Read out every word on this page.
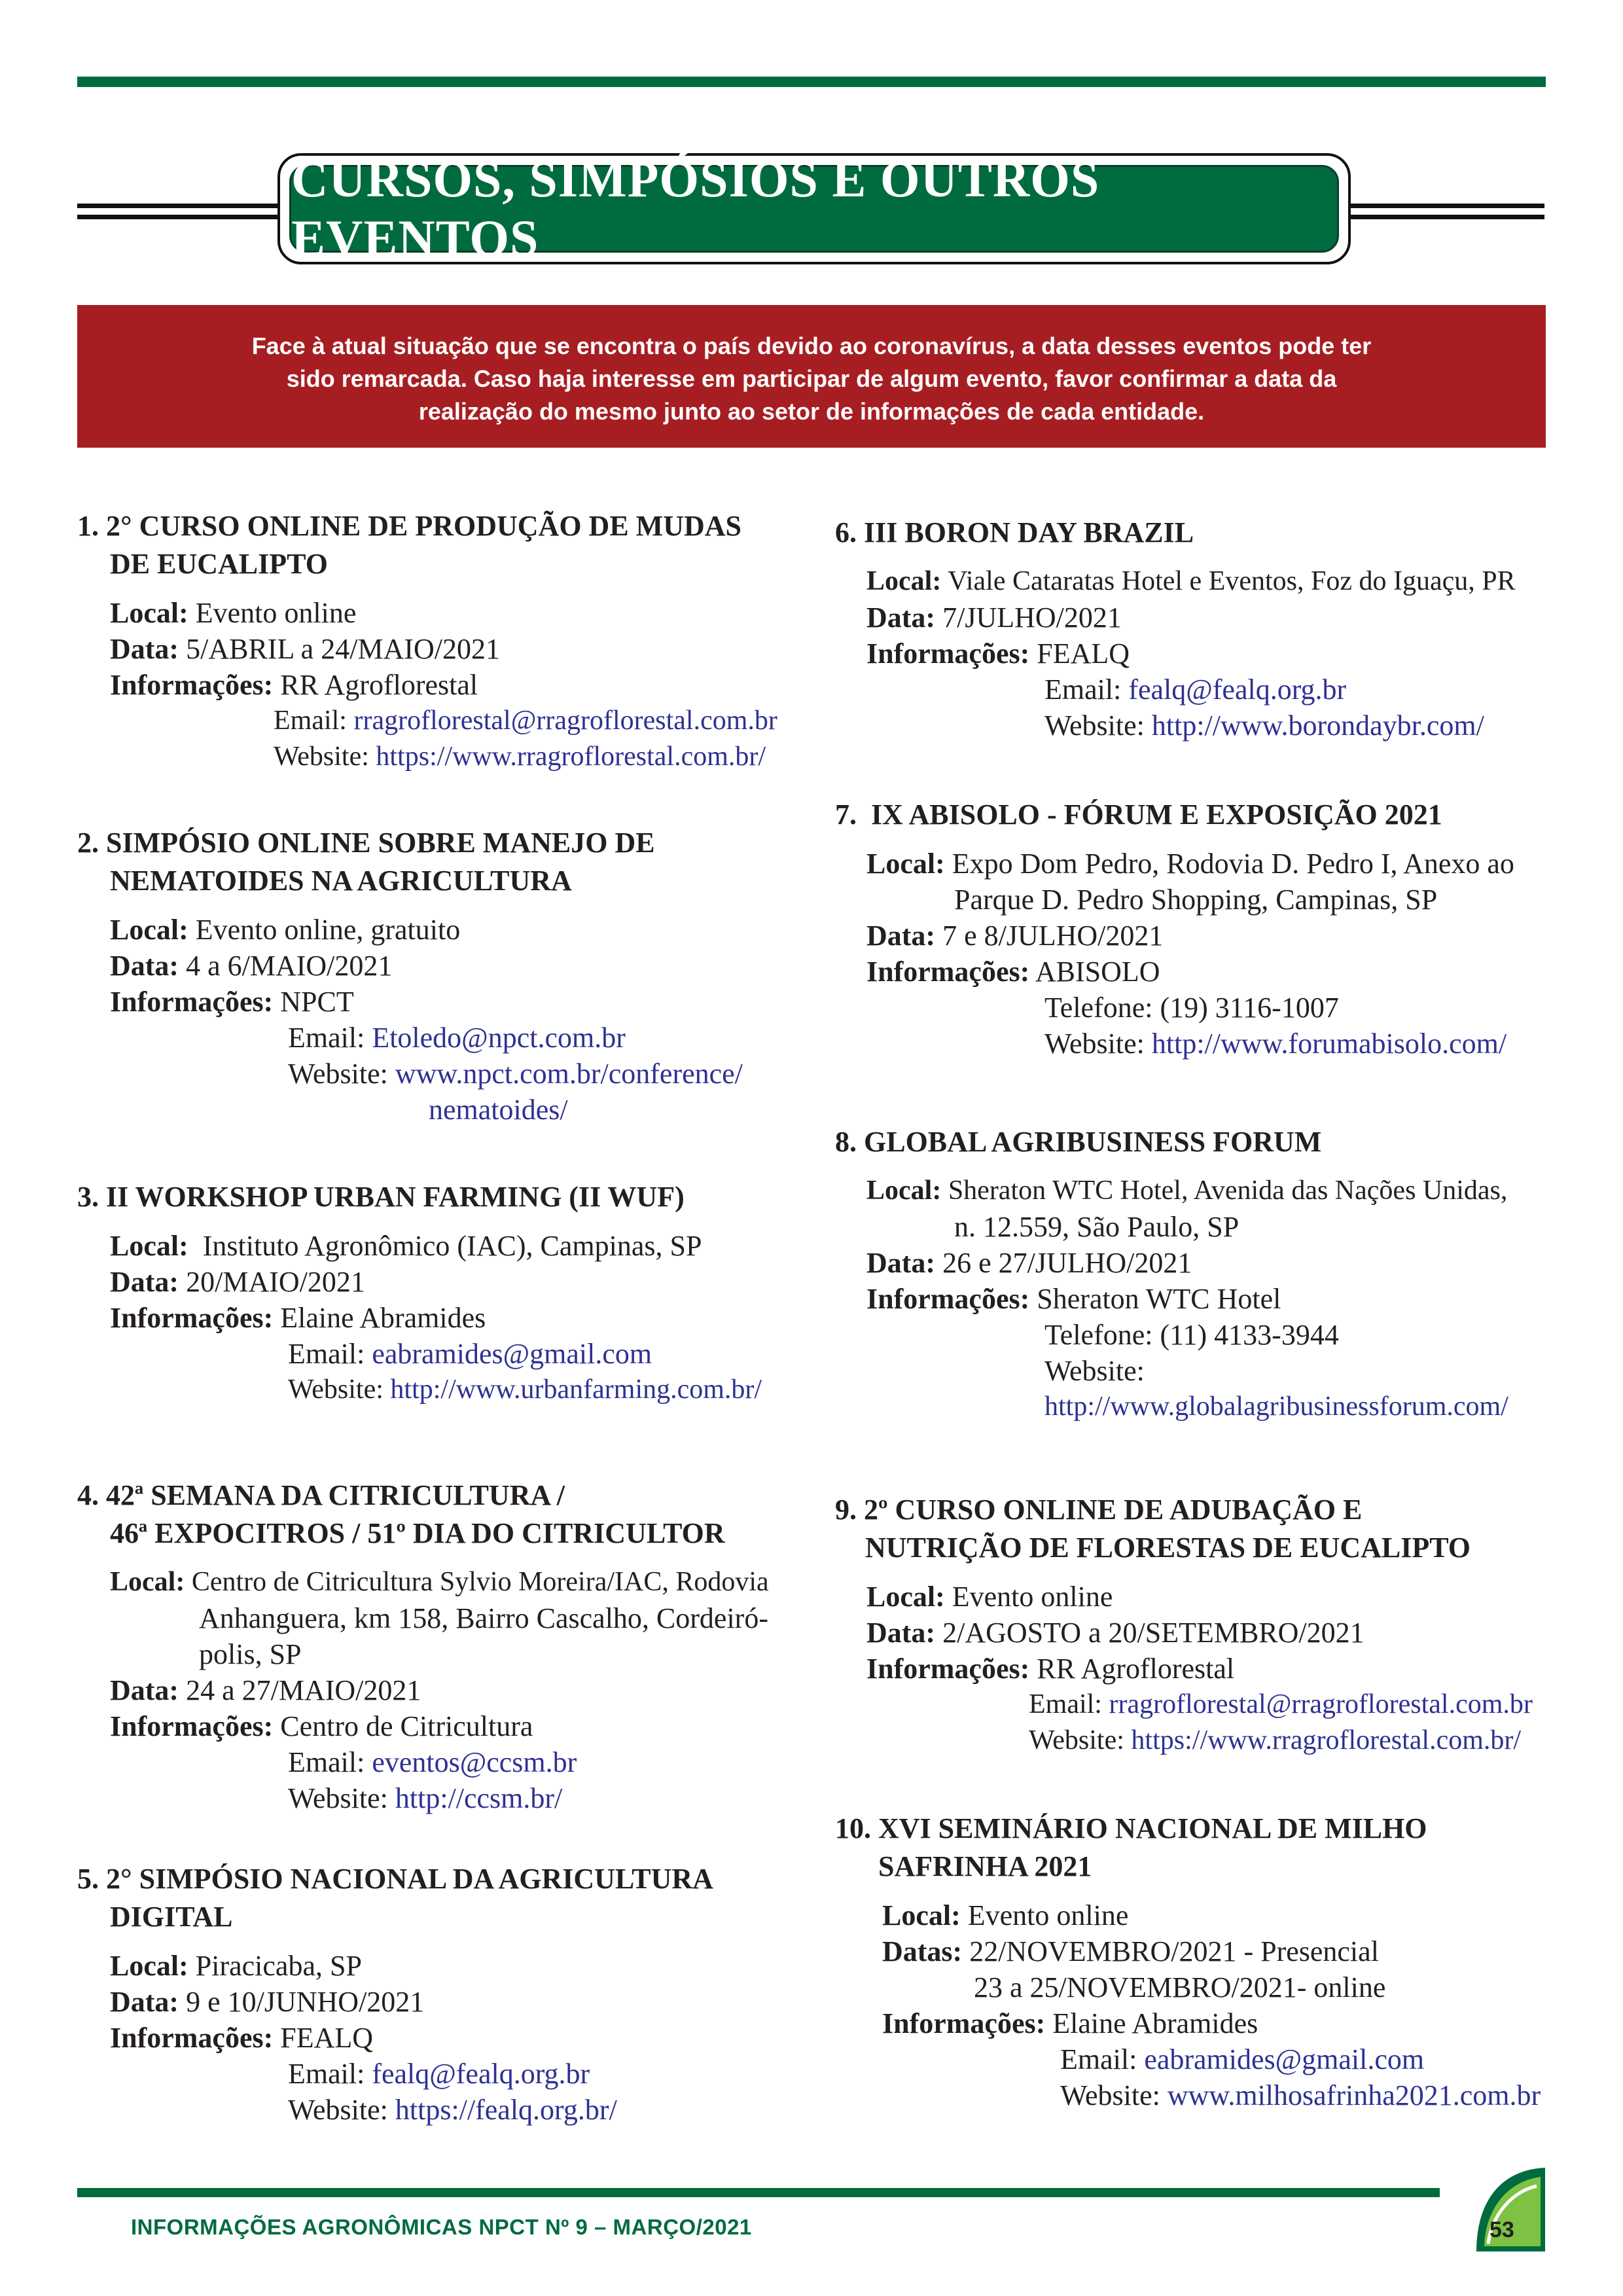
CURSOS, SIMPÓSIOS E OUTROS EVENTOS
Face à atual situação que se encontra o país devido ao coronavírus, a data desses eventos pode ter
sido remarcada. Caso haja interesse em participar de algum evento, favor confirmar a data da
realização do mesmo junto ao setor de informações de cada entidade.
1. 2° CURSO ONLINE DE PRODUÇÃO DE MUDAS
DE EUCALIPTO
Local: Evento online
Data: 5/ABRIL a 24/MAIO/2021
Informações: RR Agroflorestal
Email: rragroflorestal@rragroflorestal.com.br
Website: https://www.rragroflorestal.com.br/
2. SIMPÓSIO ONLINE SOBRE MANEJO DE
NEMATOIDES NA AGRICULTURA
Local: Evento online, gratuito
Data: 4 a 6/MAIO/2021
Informações: NPCT
Email: Etoledo@npct.com.br
Website: www.npct.com.br/conference/
nematoides/
3. II WORKSHOP URBAN FARMING (II WUF)
Local: Instituto Agronômico (IAC), Campinas, SP
Data: 20/MAIO/2021
Informações: Elaine Abramides
Email: eabramides@gmail.com
Website: http://www.urbanfarming.com.br/
4. 42ª SEMANA DA CITRICULTURA /
46ª EXPOCITROS / 51º DIA DO CITRICULTOR
Local: Centro de Citricultura Sylvio Moreira/IAC, Rodovia
Anhanguera, km 158, Bairro Cascalho, Cordeiró-
polis, SP
Data: 24 a 27/MAIO/2021
Informações: Centro de Citricultura
Email: eventos@ccsm.br
Website: http://ccsm.br/
5. 2° SIMPÓSIO NACIONAL DA AGRICULTURA
DIGITAL
Local: Piracicaba, SP
Data: 9 e 10/JUNHO/2021
Informações: FEALQ
Email: fealq@fealq.org.br
Website: https://fealq.org.br/
6. III BORON DAY BRAZIL
Local: Viale Cataratas Hotel e Eventos, Foz do Iguaçu, PR
Data: 7/JULHO/2021
Informações: FEALQ
Email: fealq@fealq.org.br
Website: http://www.borondaybr.com/
7.  IX ABISOLO - FÓRUM E EXPOSIÇÃO 2021
Local: Expo Dom Pedro, Rodovia D. Pedro I, Anexo ao
Parque D. Pedro Shopping, Campinas, SP
Data: 7 e 8/JULHO/2021
Informações: ABISOLO
Telefone: (19) 3116-1007
Website: http://www.forumabisolo.com/
8. GLOBAL AGRIBUSINESS FORUM
Local: Sheraton WTC Hotel, Avenida das Nações Unidas,
n. 12.559, São Paulo, SP
Data: 26 e 27/JULHO/2021
Informações: Sheraton WTC Hotel
Telefone: (11) 4133-3944
Website:
http://www.globalagribusinessforum.com/
9. 2º CURSO ONLINE DE ADUBAÇÃO E
NUTRIÇÃO DE FLORESTAS DE EUCALIPTO
Local: Evento online
Data: 2/AGOSTO a 20/SETEMBRO/2021
Informações: RR Agroflorestal
Email: rragroflorestal@rragroflorestal.com.br
Website: https://www.rragroflorestal.com.br/
10. XVI SEMINÁRIO NACIONAL DE MILHO
SAFRINHA 2021
Local: Evento online
Datas: 22/NOVEMBRO/2021 - Presencial
23 a 25/NOVEMBRO/2021- online
Informações: Elaine Abramides
Email: eabramides@gmail.com
Website: www.milhosafrinha2021.com.br
53
INFORMAÇÕES AGRONÔMICAS NPCT Nº 9 – MARÇO/2021
